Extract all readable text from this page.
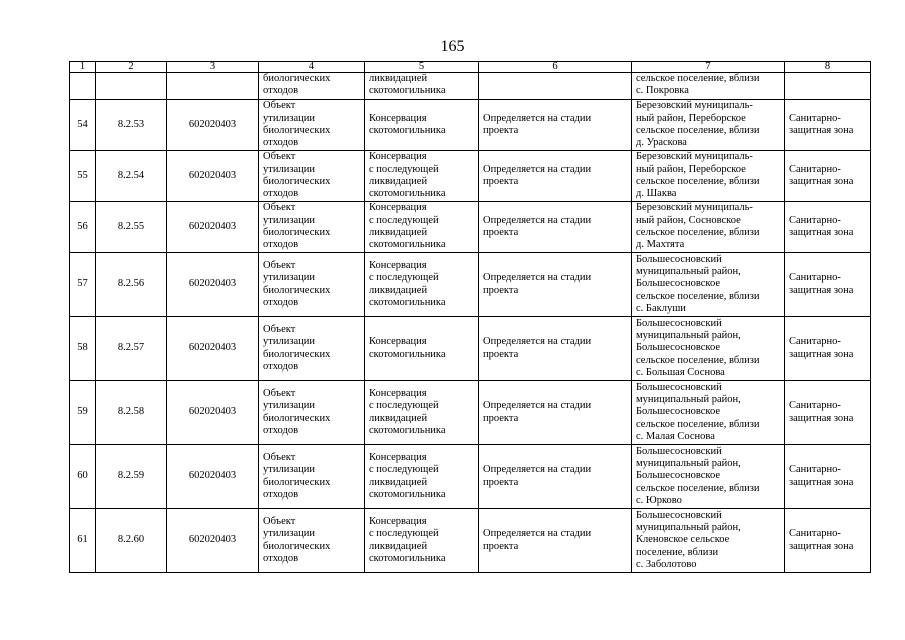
165
1	2	3	4	5	6	7	8
			биологических
отходов	ликвидацией
скотомогильника		сельское поселение, вблизи
с. Покровка	
54	8.2.53	602020403	Объект
утилизации
биологических
отходов	Консервация
скотомогильника	Определяется на стадии
проекта	Березовский муниципаль-
ный район, Переборское
сельское поселение, вблизи
д. Ураскова	Санитарно-
защитная зона
55	8.2.54	602020403	Объект
утилизации
биологических
отходов	Консервация
с последующей
ликвидацией
скотомогильника	Определяется на стадии
проекта	Березовский муниципаль-
ный район, Переборское
сельское поселение, вблизи
д. Шаква	Санитарно-
защитная зона
56	8.2.55	602020403	Объект
утилизации
биологических
отходов	Консервация
с последующей
ликвидацией
скотомогильника	Определяется на стадии
проекта	Березовский муниципаль-
ный район, Сосновское
сельское поселение, вблизи
д. Махтята	Санитарно-
защитная зона
57	8.2.56	602020403	Объект
утилизации
биологических
отходов	Консервация
с последующей
ликвидацией
скотомогильника	Определяется на стадии
проекта	Большесосновский
муниципальный район,
Большесосновское
сельское поселение, вблизи
с. Баклуши	Санитарно-
защитная зона
58	8.2.57	602020403	Объект
утилизации
биологических
отходов	Консервация
скотомогильника	Определяется на стадии
проекта	Большесосновский
муниципальный район,
Большесосновское
сельское поселение, вблизи
с. Большая Соснова	Санитарно-
защитная зона
59	8.2.58	602020403	Объект
утилизации
биологических
отходов	Консервация
с последующей
ликвидацией
скотомогильника	Определяется на стадии
проекта	Большесосновский
муниципальный район,
Большесосновское
сельское поселение, вблизи
с. Малая Соснова	Санитарно-
защитная зона
60	8.2.59	602020403	Объект
утилизации
биологических
отходов	Консервация
с последующей
ликвидацией
скотомогильника	Определяется на стадии
проекта	Большесосновский
муниципальный район,
Большесосновское
сельское поселение, вблизи
с. Юрково	Санитарно-
защитная зона
61	8.2.60	602020403	Объект
утилизации
биологических
отходов	Консервация
с последующей
ликвидацией
скотомогильника	Определяется на стадии
проекта	Большесосновский
муниципальный район,
Кленовское сельское
поселение, вблизи
с. Заболотово	Санитарно-
защитная зона
